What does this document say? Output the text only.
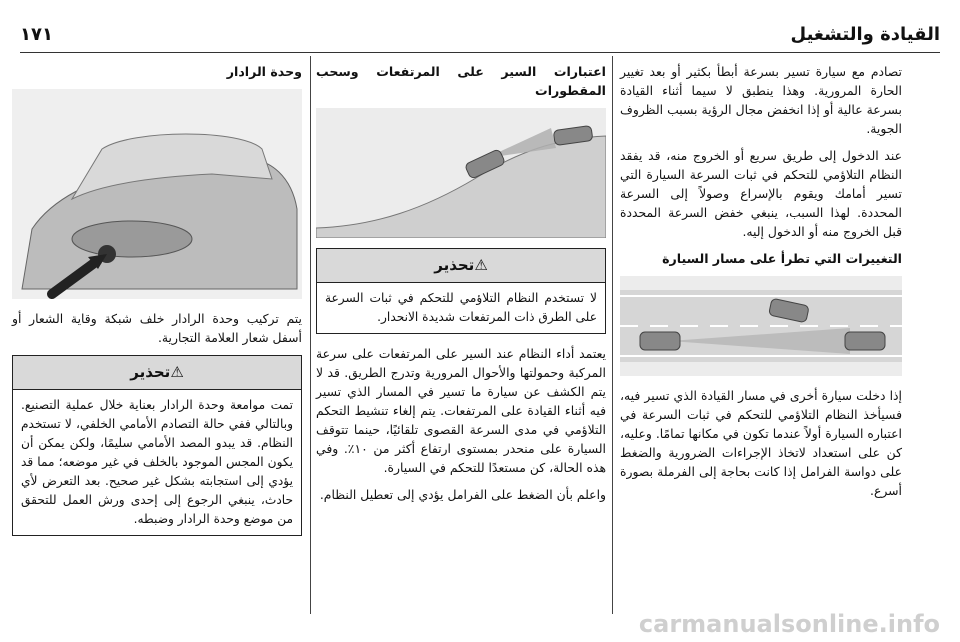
القيادة والتشغيل
١٧١

تصادم مع سيارة تسير بسرعة أبطأ بكثير أو بعد تغيير الحارة المرورية. وهذا ينطبق لا سيما أثناء القيادة بسرعة عالية أو إذا انخفض مجال الرؤية بسبب الظروف الجوية.

عند الدخول إلى طريق سريع أو الخروج منه، قد يفقد النظام التلاؤمي للتحكم في ثبات السرعة السيارة التي تسير أمامك ويقوم بالإسراع وصولاً إلى السرعة المحددة. لهذا السبب، ينبغي خفض السرعة المحددة قبل الخروج منه أو الدخول إليه.

التغييرات التي تطرأ على مسار السيارة

إذا دخلت سيارة أخرى في مسار القيادة الذي تسير فيه، فسيأخذ النظام التلاؤمي للتحكم في ثبات السرعة في اعتباره السيارة أولاً عندما تكون في مكانها تمامًا. وعليه، كن على استعداد لاتخاذ الإجراءات الضرورية والضغط على دواسة الفرامل إذا كانت بحاجة إلى الفرملة بصورة أسرع.

اعتبارات السير على المرتفعات وسحب المقطورات
⚠تحذير
لا تستخدم النظام التلاؤمي للتحكم في ثبات السرعة على الطرق ذات المرتفعات شديدة الانحدار.

يعتمد أداء النظام عند السير على المرتفعات على سرعة المركبة وحمولتها والأحوال المرورية وتدرج الطريق. قد لا يتم الكشف عن سيارة ما تسير في المسار الذي تسير فيه أثناء القيادة على المرتفعات. يتم إلغاء تنشيط التحكم التلاؤمي في مدى السرعة القصوى تلقائيًا، حينما تتوقف السيارة على منحدر بمستوى ارتفاع أكثر من ١٠٪. وفي هذه الحالة، كن مستعدًا للتحكم في السيارة.

واعلم بأن الضغط على الفرامل يؤدي إلى تعطيل النظام.

وحدة الرادار

يتم تركيب وحدة الرادار خلف شبكة وقاية الشعار أو أسفل شعار العلامة التجارية.

⚠تحذير
تمت موامعة وحدة الرادار بعناية خلال عملية التصنيع. وبالتالي ففي حالة التصادم الأمامي الخلفي، لا تستخدم النظام. قد يبدو المصد الأمامي سليمًا، ولكن يمكن أن يكون المجس الموجود بالخلف في غير موضعه؛ مما قد يؤدي إلى استجابته بشكل غير صحيح. بعد التعرض لأي حادث، ينبغي الرجوع إلى إحدى ورش العمل للتحقق من موضع وحدة الرادار وضبطه.
carmanualsonline.info
